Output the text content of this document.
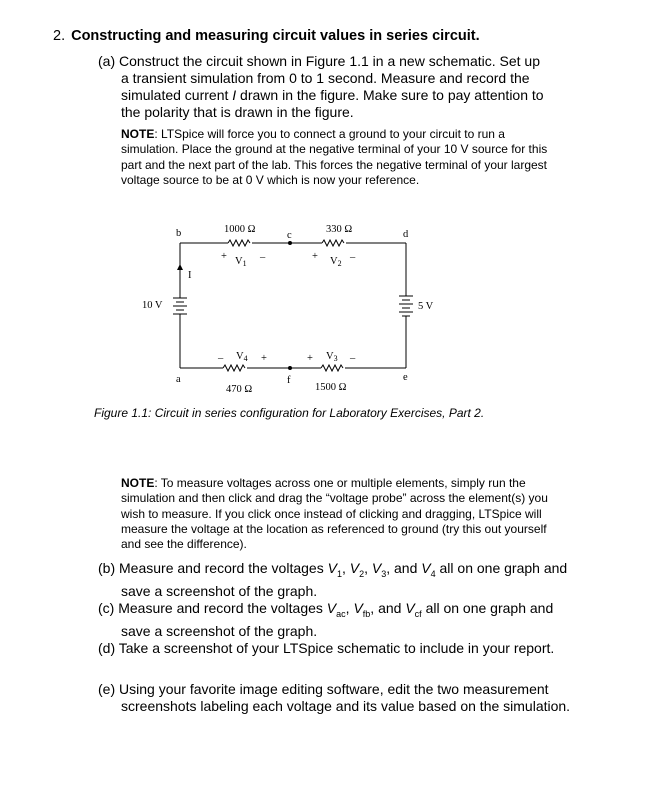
2. Constructing and measuring circuit values in series circuit.
(a) Construct the circuit shown in Figure 1.1 in a new schematic. Set up a transient simulation from 0 to 1 second. Measure and record the simulated current I drawn in the figure. Make sure to pay attention to the polarity that is drawn in the figure.
NOTE: LTSpice will force you to connect a ground to your circuit to run a simulation. Place the ground at the negative terminal of your 10 V source for this part and the next part of the lab. This forces the negative terminal of your largest voltage source to be at 0 V which is now your reference.
1000 Ω	330 Ω
470 Ω	1500 Ω
+ V1
–	+ V2
–
– V4 +	+ V3 –
10 V	5 V
b	c	d
a	f	e
I
Figure 1.1: Circuit in series configuration for Laboratory Exercises, Part 2.
NOTE: To measure voltages across one or multiple elements, simply run the simulation and then click and drag the “voltage probe” across the element(s) you wish to measure. If you click once instead of clicking and dragging, LTSpice will measure the voltage at the location as referenced to ground (try this out yourself and see the difference).
(b) Measure and record the voltages $V_1$, $V_2$, $V_3$, and $V_4$ all on one graph and save a screenshot of the graph.
(c) Measure and record the voltages $V_{ac}$, $V_{fb}$, and $V_{cf}$ all on one graph and save a screenshot of the graph.
(d) Take a screenshot of your LTSpice schematic to include in your report.
(e) Using your favorite image editing software, edit the two measurement screenshots labeling each voltage and its value based on the simulation.
